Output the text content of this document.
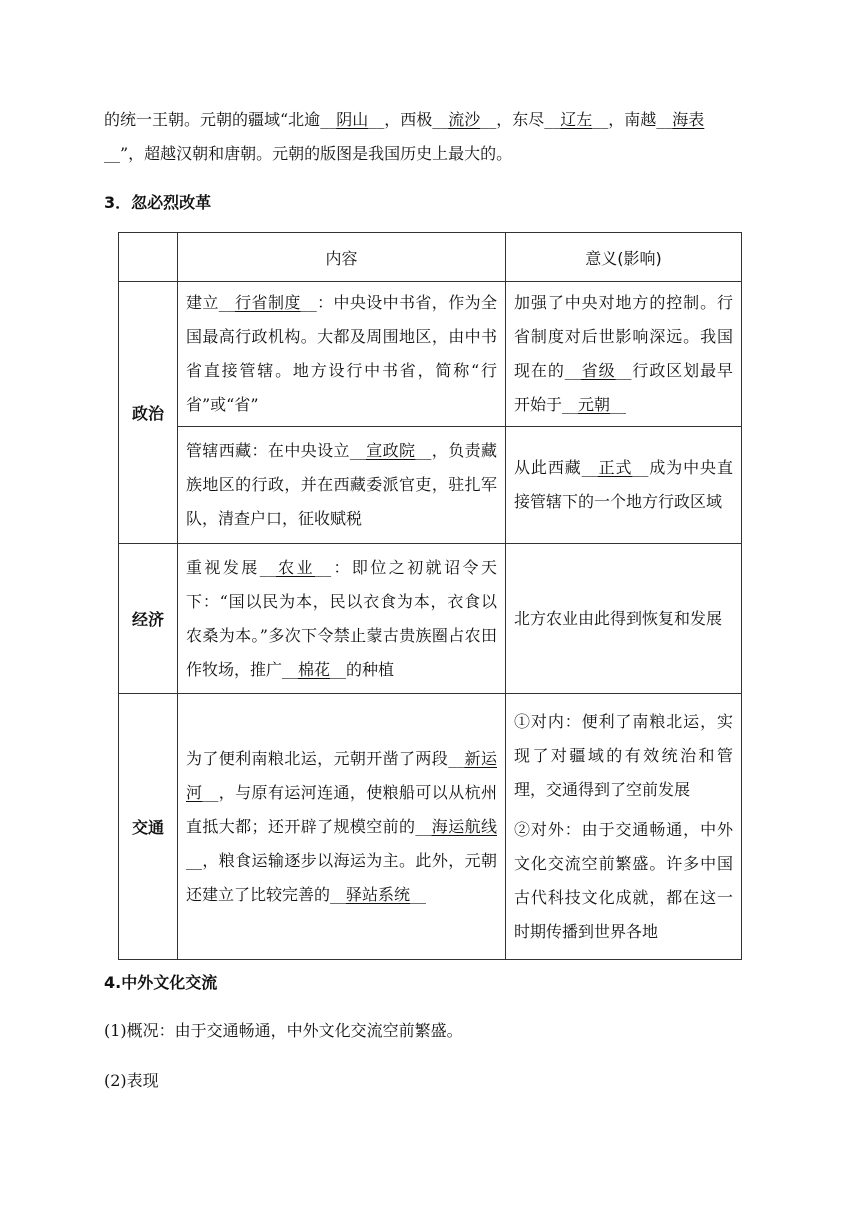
的统一王朝。元朝的疆域“北逾__阴山__，西极__流沙__，东尽__辽左__，南越__海表
__”，超越汉朝和唐朝。元朝的版图是我国历史上最大的。
3．忽必烈改革
	内容	意义(影响)
政治	建立__行省制度__：中央设中书省，作为全国最高行政机构。大都及周围地区，由中书省直接管辖。地方设行中书省，简称“行省”或“省”	加强了中央对地方的控制。行省制度对后世影响深远。我国现在的__省级__行政区划最早开始于__元朝__
	管辖西藏：在中央设立__宣政院__，负责藏族地区的行政，并在西藏委派官吏，驻扎军队，清查户口，征收赋税	从此西藏__正式__成为中央直接管辖下的一个地方行政区域
经济	重视发展__农业__：即位之初就诏令天下：“国以民为本，民以衣食为本，衣食以农桑为本。”多次下令禁止蒙古贵族圈占农田作牧场，推广__棉花__的种植	北方农业由此得到恢复和发展
交通	为了便利南粮北运，元朝开凿了两段__新运河__，与原有运河连通，使粮船可以从杭州直抵大都；还开辟了规模空前的__海运航线__，粮食运输逐步以海运为主。此外，元朝还建立了比较完善的__驿站系统__	①对内：便利了南粮北运，实现了对疆域的有效统治和管理，交通得到了空前发展
②对外：由于交通畅通，中外文化交流空前繁盛。许多中国古代科技文化成就，都在这一时期传播到世界各地
4.中外文化交流
(1)概况：由于交通畅通，中外文化交流空前繁盛。
(2)表现
